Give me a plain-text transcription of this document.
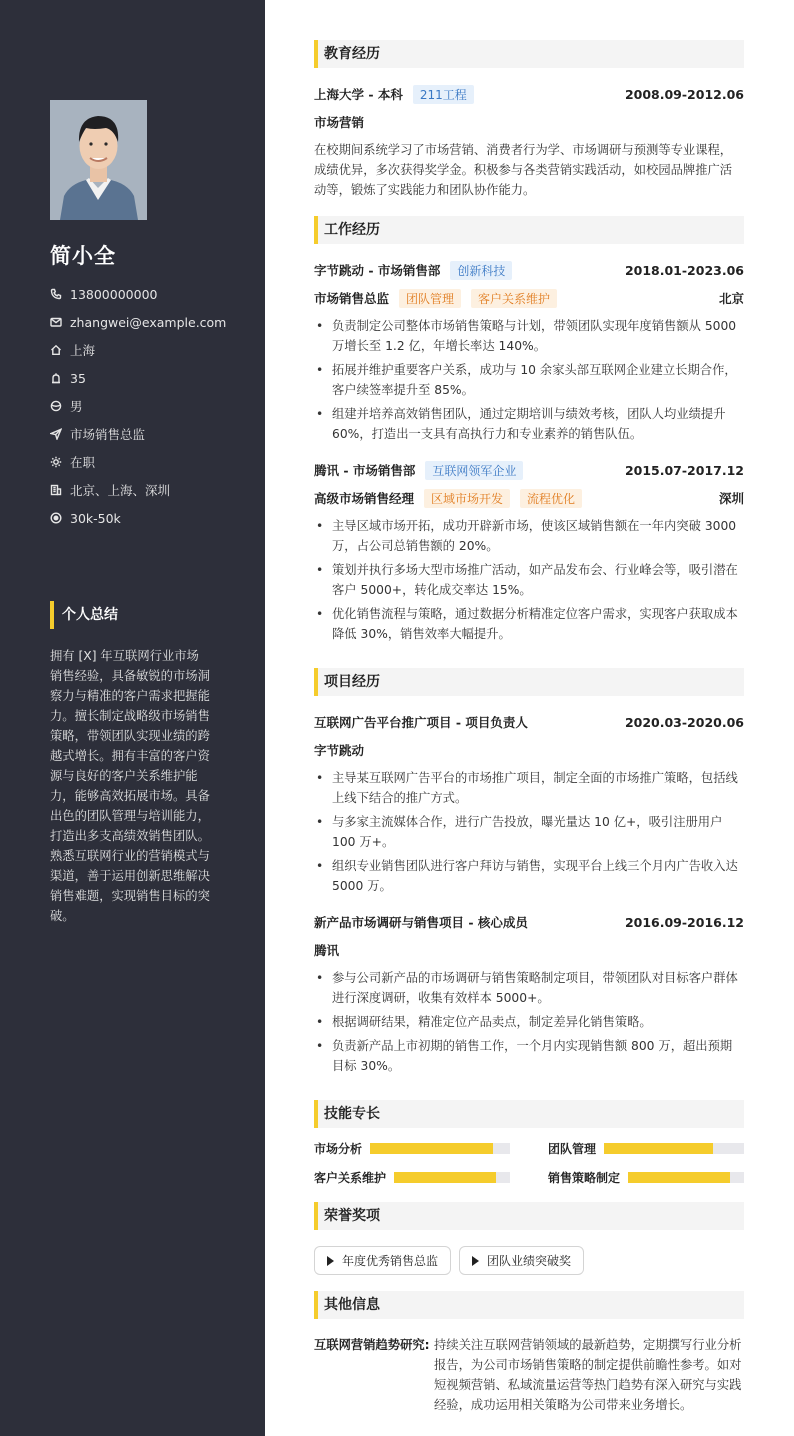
简小全
13800000000
zhangwei@example.com
上海
35
男
市场销售总监
在职
北京、上海、深圳
30k-50k
个人总结
拥有 [X] 年互联网行业市场销售经验，具备敏锐的市场洞察力与精准的客户需求把握能力。擅长制定战略级市场销售策略，带领团队实现业绩的跨越式增长。拥有丰富的客户资源与良好的客户关系维护能力，能够高效拓展市场。具备出色的团队管理与培训能力，打造出多支高绩效销售团队。熟悉互联网行业的营销模式与渠道，善于运用创新思维解决销售难题，实现销售目标的突破。
教育经历
上海大学 - 本科	211工程	2008.09-2012.06
市场营销
在校期间系统学习了市场营销、消费者行为学、市场调研与预测等专业课程，成绩优异，多次获得奖学金。积极参与各类营销实践活动，如校园品牌推广活动等，锻炼了实践能力和团队协作能力。
工作经历
字节跳动 - 市场销售部	创新科技	2018.01-2023.06
市场销售总监	团队管理	客户关系维护	北京
• 负责制定公司整体市场销售策略与计划，带领团队实现年度销售额从 5000 万增长至 1.2 亿，年增长率达 140%。
• 拓展并维护重要客户关系，成功与 10 余家头部互联网企业建立长期合作，客户续签率提升至 85%。
• 组建并培养高效销售团队，通过定期培训与绩效考核，团队人均业绩提升 60%，打造出一支具有高执行力和专业素养的销售队伍。
腾讯 - 市场销售部	互联网领军企业	2015.07-2017.12
高级市场销售经理	区域市场开发	流程优化	深圳
• 主导区域市场开拓，成功开辟新市场，使该区域销售额在一年内突破 3000 万，占公司总销售额的 20%。
• 策划并执行多场大型市场推广活动，如产品发布会、行业峰会等，吸引潜在客户 5000+，转化成交率达 15%。
• 优化销售流程与策略，通过数据分析精准定位客户需求，实现客户获取成本降低 30%，销售效率大幅提升。
项目经历
互联网广告平台推广项目 - 项目负责人	2020.03-2020.06
字节跳动
• 主导某互联网广告平台的市场推广项目，制定全面的市场推广策略，包括线上线下结合的推广方式。
• 与多家主流媒体合作，进行广告投放，曝光量达 10 亿+，吸引注册用户 100 万+。
• 组织专业销售团队进行客户拜访与销售，实现平台上线三个月内广告收入达 5000 万。
新产品市场调研与销售项目 - 核心成员	2016.09-2016.12
腾讯
• 参与公司新产品的市场调研与销售策略制定项目，带领团队对目标客户群体进行深度调研，收集有效样本 5000+。
• 根据调研结果，精准定位产品卖点，制定差异化销售策略。
• 负责新产品上市初期的销售工作，一个月内实现销售额 800 万，超出预期目标 30%。
技能专长
市场分析	团队管理
客户关系维护	销售策略制定
荣誉奖项
年度优秀销售总监	团队业绩突破奖
其他信息
互联网营销趋势研究: 持续关注互联网营销领域的最新趋势，定期撰写行业分析报告，为公司市场销售策略的制定提供前瞻性参考。如对短视频营销、私域流量运营等热门趋势有深入研究与实践经验，成功运用相关策略为公司带来业务增长。
